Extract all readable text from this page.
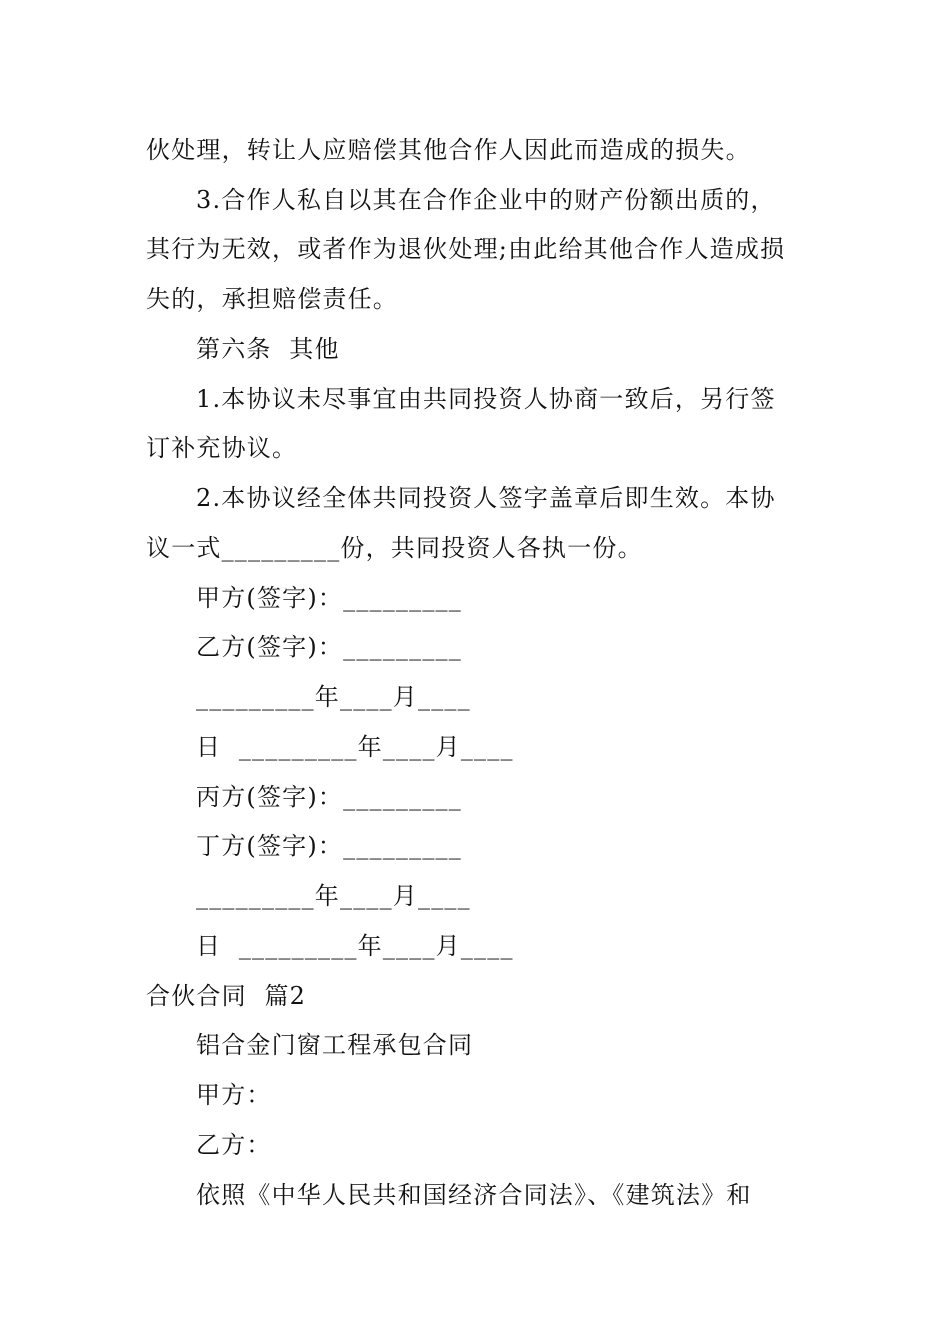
伙处理，转让人应赔偿其他合作人因此而造成的损失。
3.合作人私自以其在合作企业中的财产份额出质的，
其行为无效，或者作为退伙处理;由此给其他合作人造成损
失的，承担赔偿责任。
第六条  其他
1.本协议未尽事宜由共同投资人协商一致后，另行签
订补充协议。
2.本协议经全体共同投资人签字盖章后即生效。本协
议一式_________份，共同投资人各执一份。
甲方(签字)：_________
乙方(签字)：_________
_________年____月____
日  _________年____月____
丙方(签字)：_________
丁方(签字)：_________
_________年____月____
日  _________年____月____
合伙合同  篇2
铝合金门窗工程承包合同
甲方：
乙方：
依照《中华人民共和国经济合同法》、《建筑法》和
